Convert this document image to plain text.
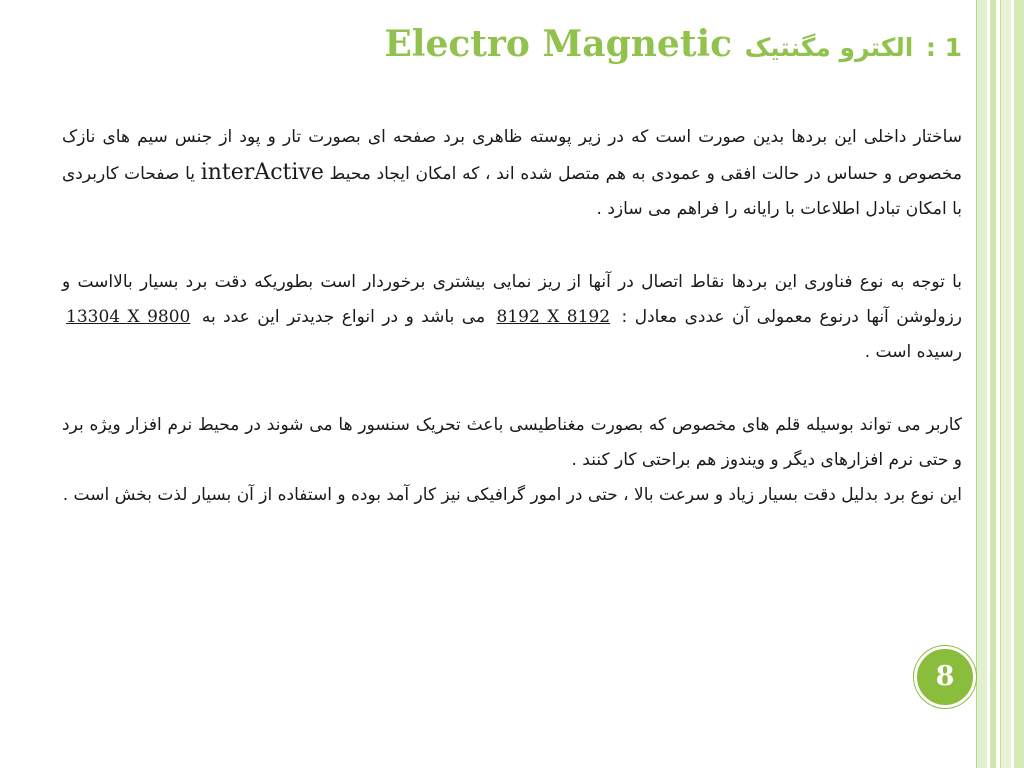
1 : الکترو مگنتیک Electro Magnetic

ساختار داخلی این بردها بدین صورت است که در زیر پوسته ظاهری برد صفحه ای بصورت تار و پود از جنس سیم های نازک مخصوص و حساس در حالت افقی و عمودی به هم متصل شده اند ، که امکان ایجاد محیط interActive یا صفحات کاربردی با امکان تبادل اطلاعات با رایانه را فراهم می سازد .

با توجه به نوع فناوری این بردها نقاط اتصال در آنها از ریز نمایی بیشتری برخوردار است بطوریکه دقت برد بسیار بالااست و رزولوشن آنها درنوع معمولی آن عددی معادل : 8192 X 8192 می باشد و در انواع جدیدتر این عدد به 13304 X 9800 رسیده است .

کاربر می تواند بوسیله قلم های مخصوص که بصورت مغناطیسی باعث تحریک سنسور ها می شوند در محیط نرم افزار ویژه برد و حتی نرم افزارهای دیگر و ویندوز هم براحتی کار کنند .

این نوع برد بدلیل دقت بسیار زیاد و سرعت بالا ، حتی در امور گرافیکی نیز کار آمد بوده و استفاده از آن بسیار لذت بخش است .

8
